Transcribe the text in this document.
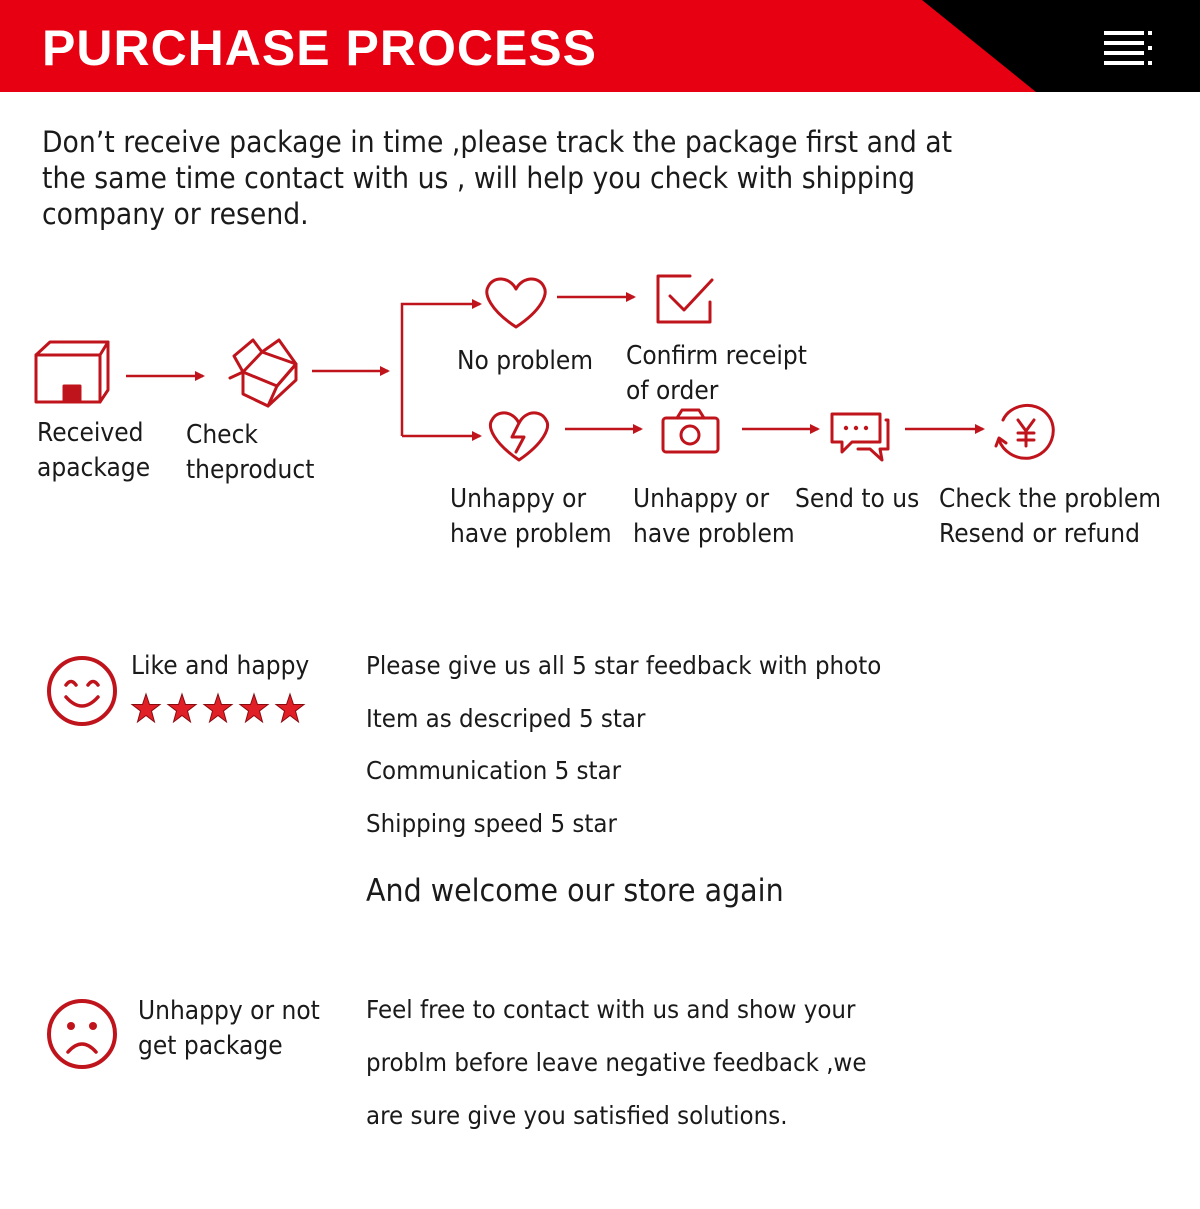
PURCHASE PROCESS

Don’t receive package in time ,please track the package first and at the same time contact with us , will help you check with shipping company or resend.

Received
apackage
Check
theproduct
No problem Confirm receipt
of order
Unhappy or
have problem
Unhappy or
have problem
Send to us Check the problem
Resend or refund
Like and happy Please give us all 5 star feedback with photo
Item as descriped 5 star
Communication 5 star
Shipping speed 5 star
And welcome our store again
Unhappy or not
get package
Feel free to contact with us and show your
problm before leave negative feedback ,we
are sure give you satisfied solutions.
